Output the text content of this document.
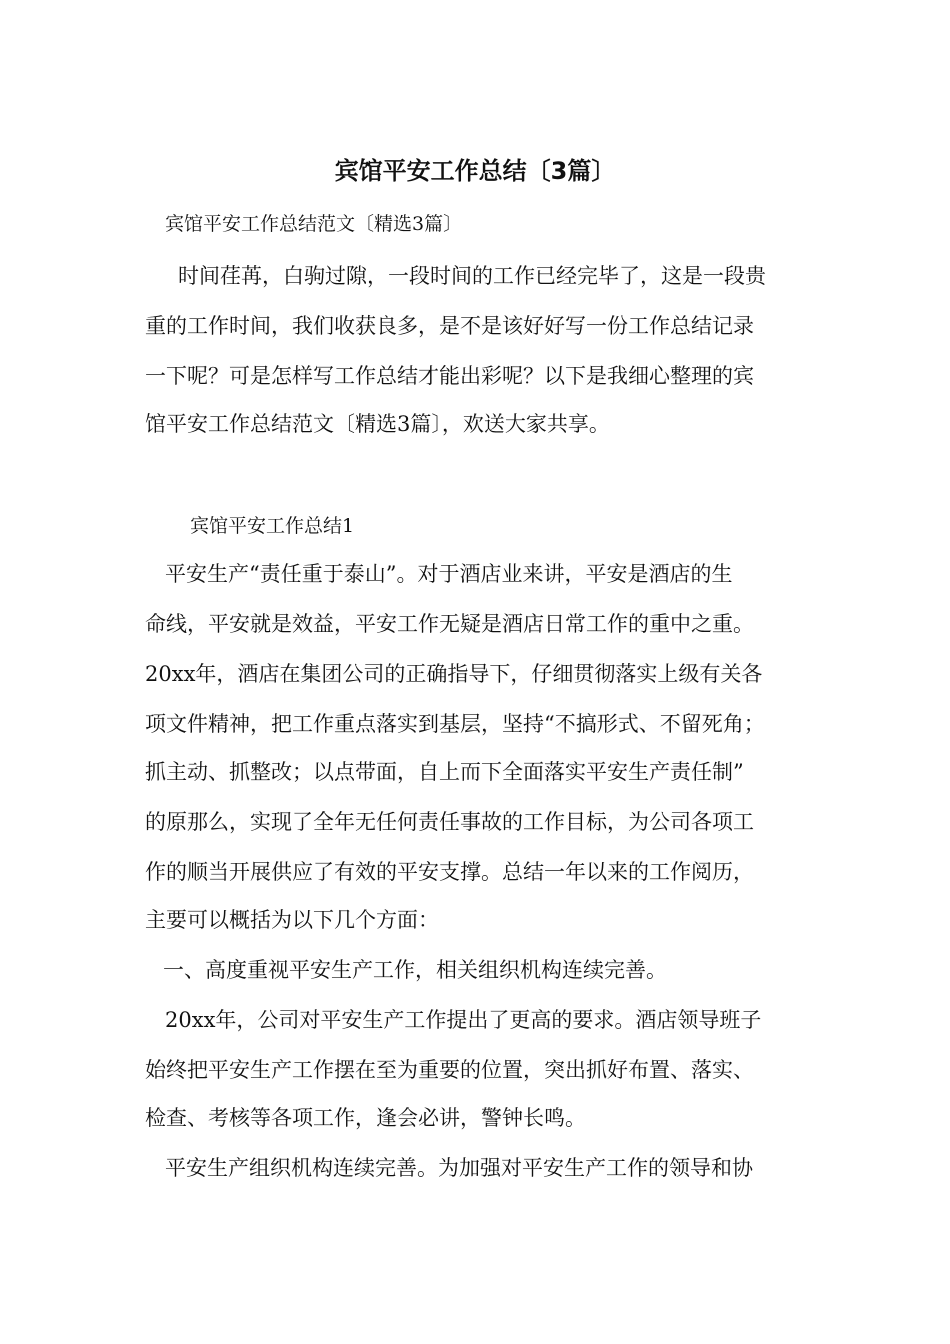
宾馆平安工作总结〔3篇〕
宾馆平安工作总结范文〔精选3篇〕
时间荏苒，白驹过隙，一段时间的工作已经完毕了，这是一段贵
重的工作时间，我们收获良多，是不是该好好写一份工作总结记录
一下呢？可是怎样写工作总结才能出彩呢？以下是我细心整理的宾
馆平安工作总结范文〔精选3篇〕，欢送大家共享。
宾馆平安工作总结1
平安生产“责任重于泰山”。对于酒店业来讲，平安是酒店的生
命线，平安就是效益，平安工作无疑是酒店日常工作的重中之重。
20xx年，酒店在集团公司的正确指导下，仔细贯彻落实上级有关各
项文件精神，把工作重点落实到基层，坚持“不搞形式、不留死角；
抓主动、抓整改；以点带面，自上而下全面落实平安生产责任制”
的原那么，实现了全年无任何责任事故的工作目标，为公司各项工
作的顺当开展供应了有效的平安支撑。总结一年以来的工作阅历，
主要可以概括为以下几个方面：
一、高度重视平安生产工作，相关组织机构连续完善。
20xx年，公司对平安生产工作提出了更高的要求。酒店领导班子
始终把平安生产工作摆在至为重要的位置，突出抓好布置、落实、
检查、考核等各项工作，逢会必讲，警钟长鸣。
平安生产组织机构连续完善。为加强对平安生产工作的领导和协
